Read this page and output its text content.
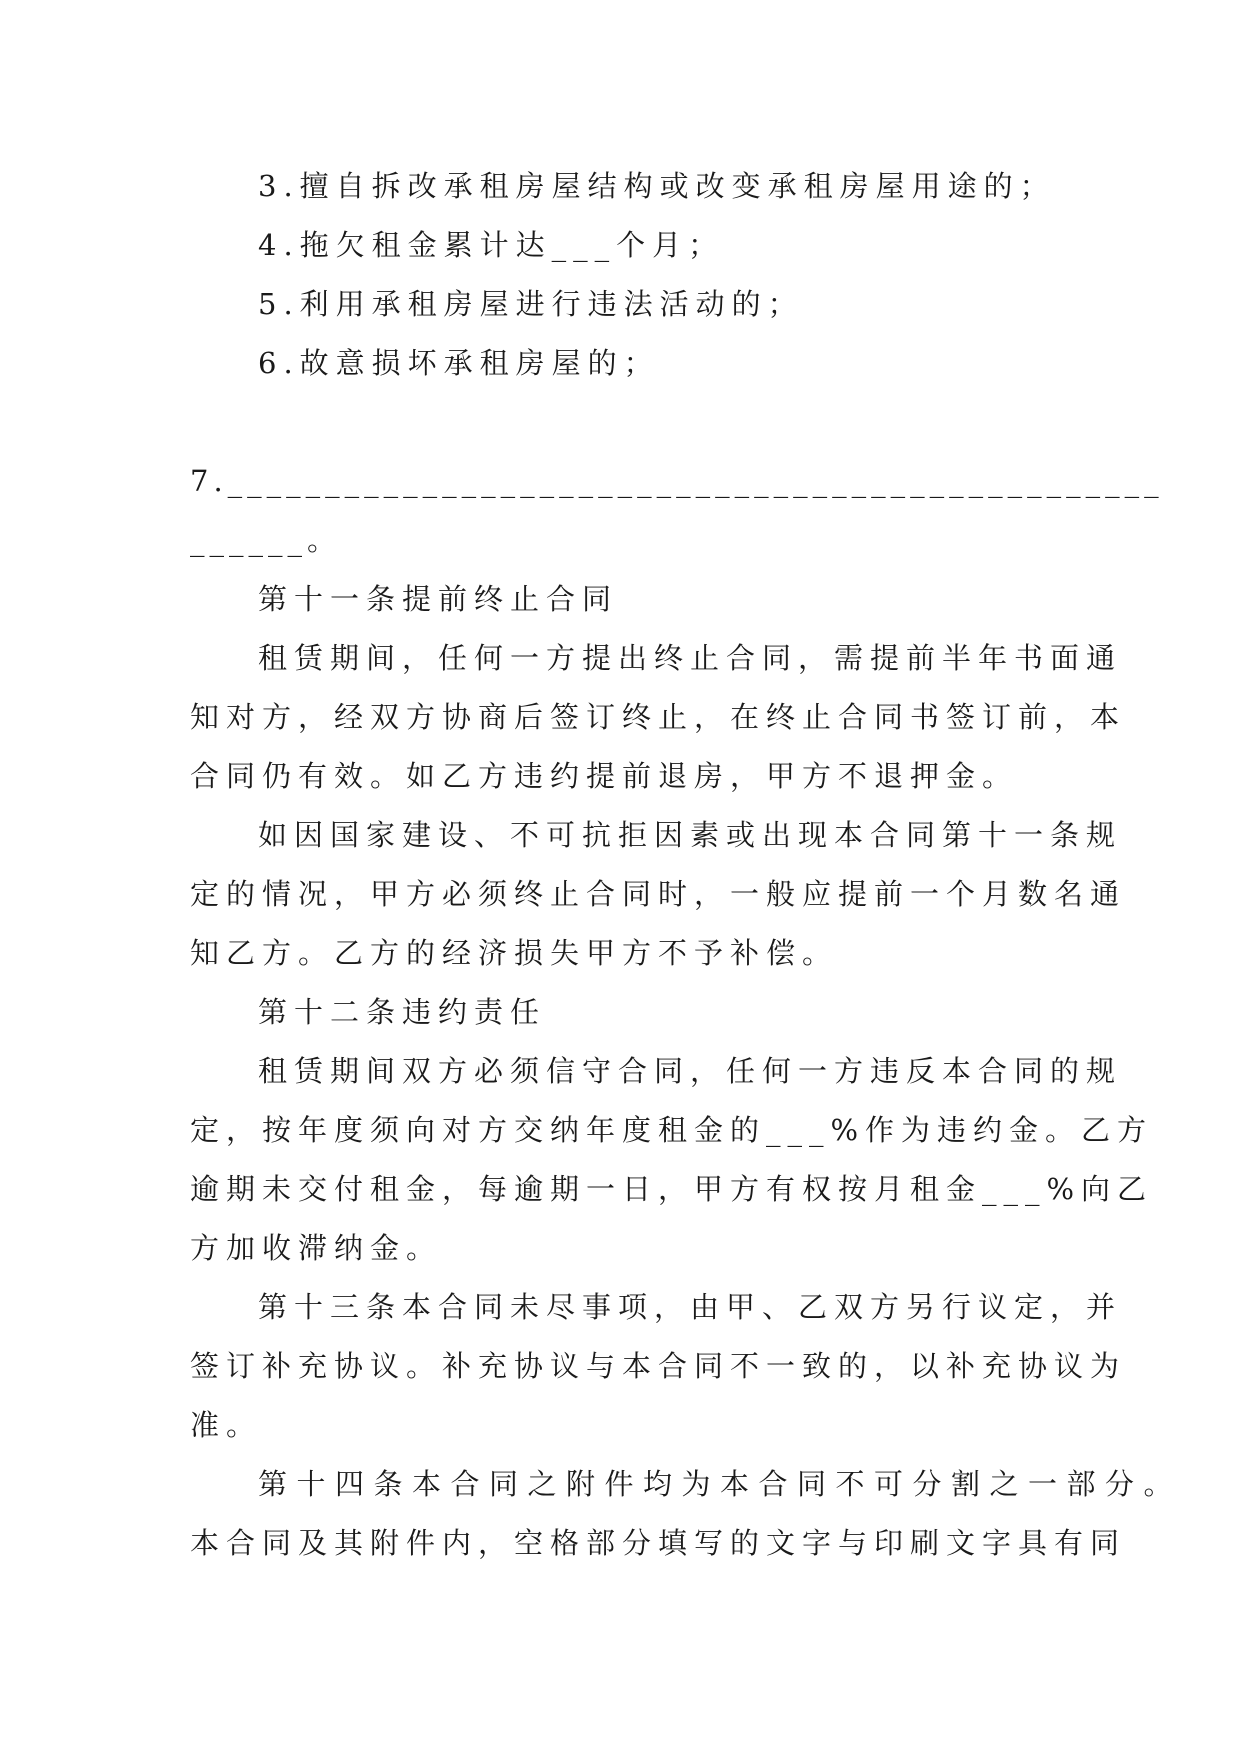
3.擅自拆改承租房屋结构或改变承租房屋用途的；
4.拖欠租金累计达___个月；
5.利用承租房屋进行违法活动的；
6.故意损坏承租房屋的；
7.________________________________________________
______。
第十一条提前终止合同
租赁期间，任何一方提出终止合同，需提前半年书面通
知对方，经双方协商后签订终止，在终止合同书签订前，本
合同仍有效。如乙方违约提前退房，甲方不退押金。
如因国家建设、不可抗拒因素或出现本合同第十一条规
定的情况，甲方必须终止合同时，一般应提前一个月数名通
知乙方。乙方的经济损失甲方不予补偿。
第十二条违约责任
租赁期间双方必须信守合同，任何一方违反本合同的规
定，按年度须向对方交纳年度租金的___%作为违约金。乙方
逾期未交付租金，每逾期一日，甲方有权按月租金___%向乙
方加收滞纳金。
第十三条本合同未尽事项，由甲、乙双方另行议定，并
签订补充协议。补充协议与本合同不一致的，以补充协议为
准。
第十四条本合同之附件均为本合同不可分割之一部分。
本合同及其附件内，空格部分填写的文字与印刷文字具有同
